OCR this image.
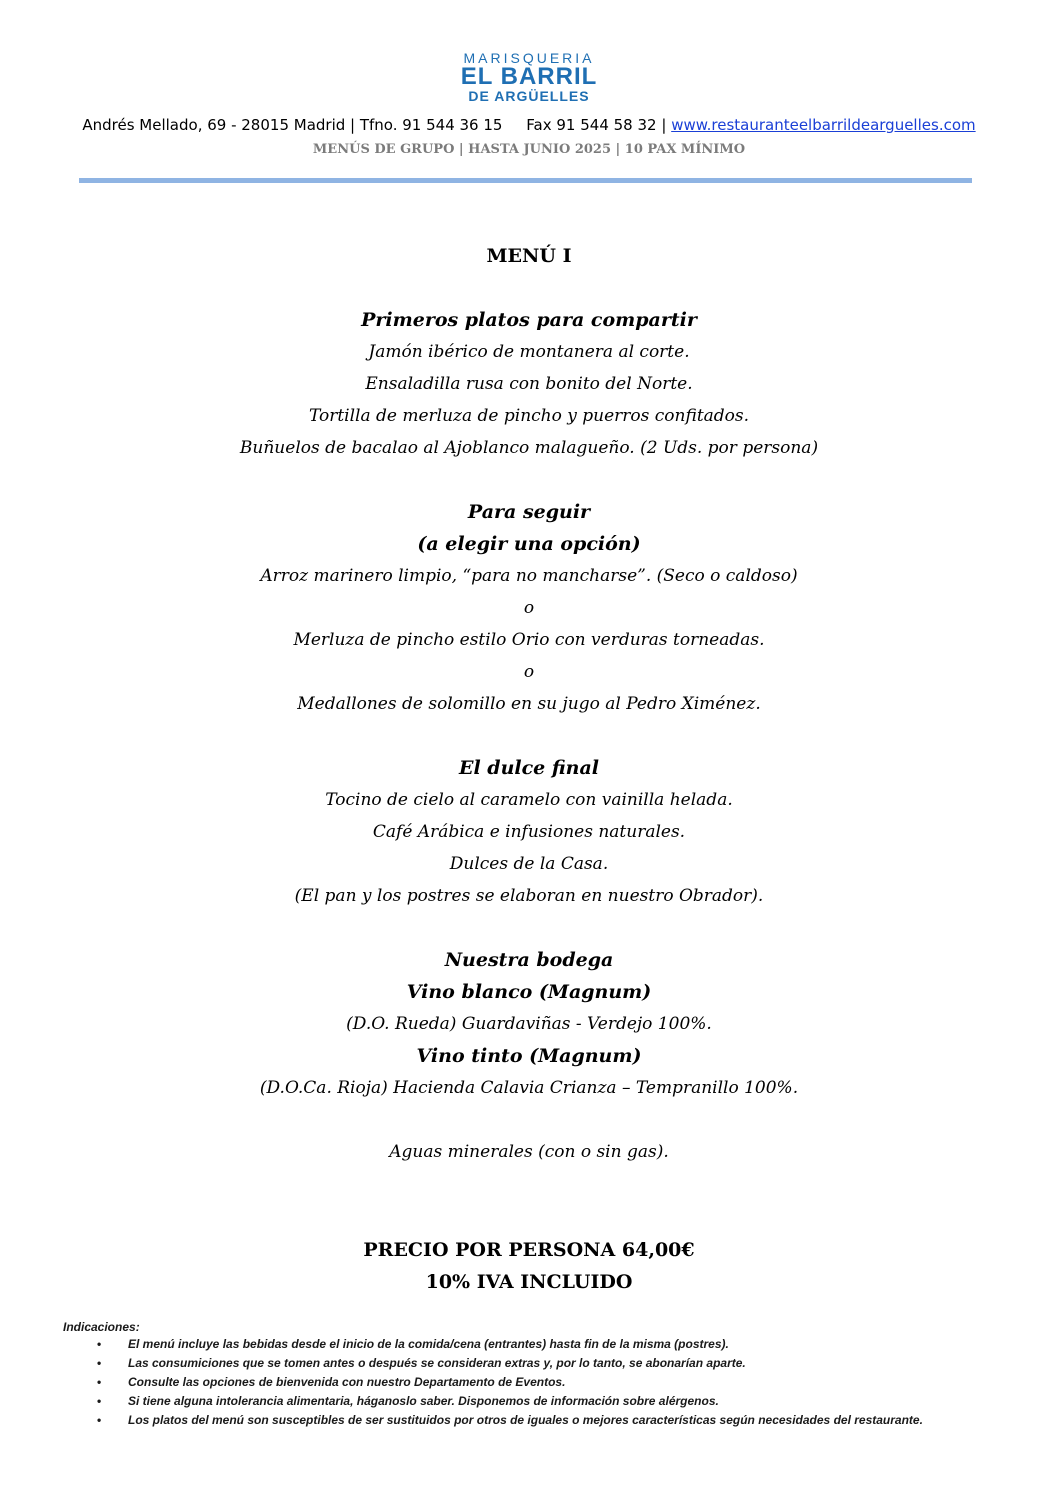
MARISQUERIA
EL BARRIL
DE ARGÜELLES
Andrés Mellado, 69 - 28015 Madrid | Tfno. 91 544 36 15 Fax 91 544 58 32 | www.restauranteelbarrildearguelles.com
MENÚS DE GRUPO | HASTA JUNIO 2025 | 10 PAX MÍNIMO

MENÚ I

Primeros platos para compartir

Jamón ibérico de montanera al corte.

Ensaladilla rusa con bonito del Norte.

Tortilla de merluza de pincho y puerros confitados.

Buñuelos de bacalao al Ajoblanco malagueño. (2 Uds. por persona)

Para seguir

(a elegir una opción)

Arroz marinero limpio, “para no mancharse”. (Seco o caldoso)

o

Merluza de pincho estilo Orio con verduras torneadas.

o

Medallones de solomillo en su jugo al Pedro Ximénez.

El dulce final

Tocino de cielo al caramelo con vainilla helada.

Café Arábica e infusiones naturales.

Dulces de la Casa.

(El pan y los postres se elaboran en nuestro Obrador).

Nuestra bodega

Vino blanco (Magnum)

(D.O. Rueda) Guardaviñas - Verdejo 100%.

Vino tinto (Magnum)

(D.O.Ca. Rioja) Hacienda Calavia Crianza – Tempranillo 100%.

Aguas minerales (con o sin gas).

PRECIO POR PERSONA 64,00€
10% IVA INCLUIDO
Indicaciones:
• El menú incluye las bebidas desde el inicio de la comida/cena (entrantes) hasta fin de la misma (postres).
• Las consumiciones que se tomen antes o después se consideran extras y, por lo tanto, se abonarían aparte.
• Consulte las opciones de bienvenida con nuestro Departamento de Eventos.
• Si tiene alguna intolerancia alimentaria, háganoslo saber. Disponemos de información sobre alérgenos.
• Los platos del menú son susceptibles de ser sustituidos por otros de iguales o mejores características según necesidades del restaurante.
